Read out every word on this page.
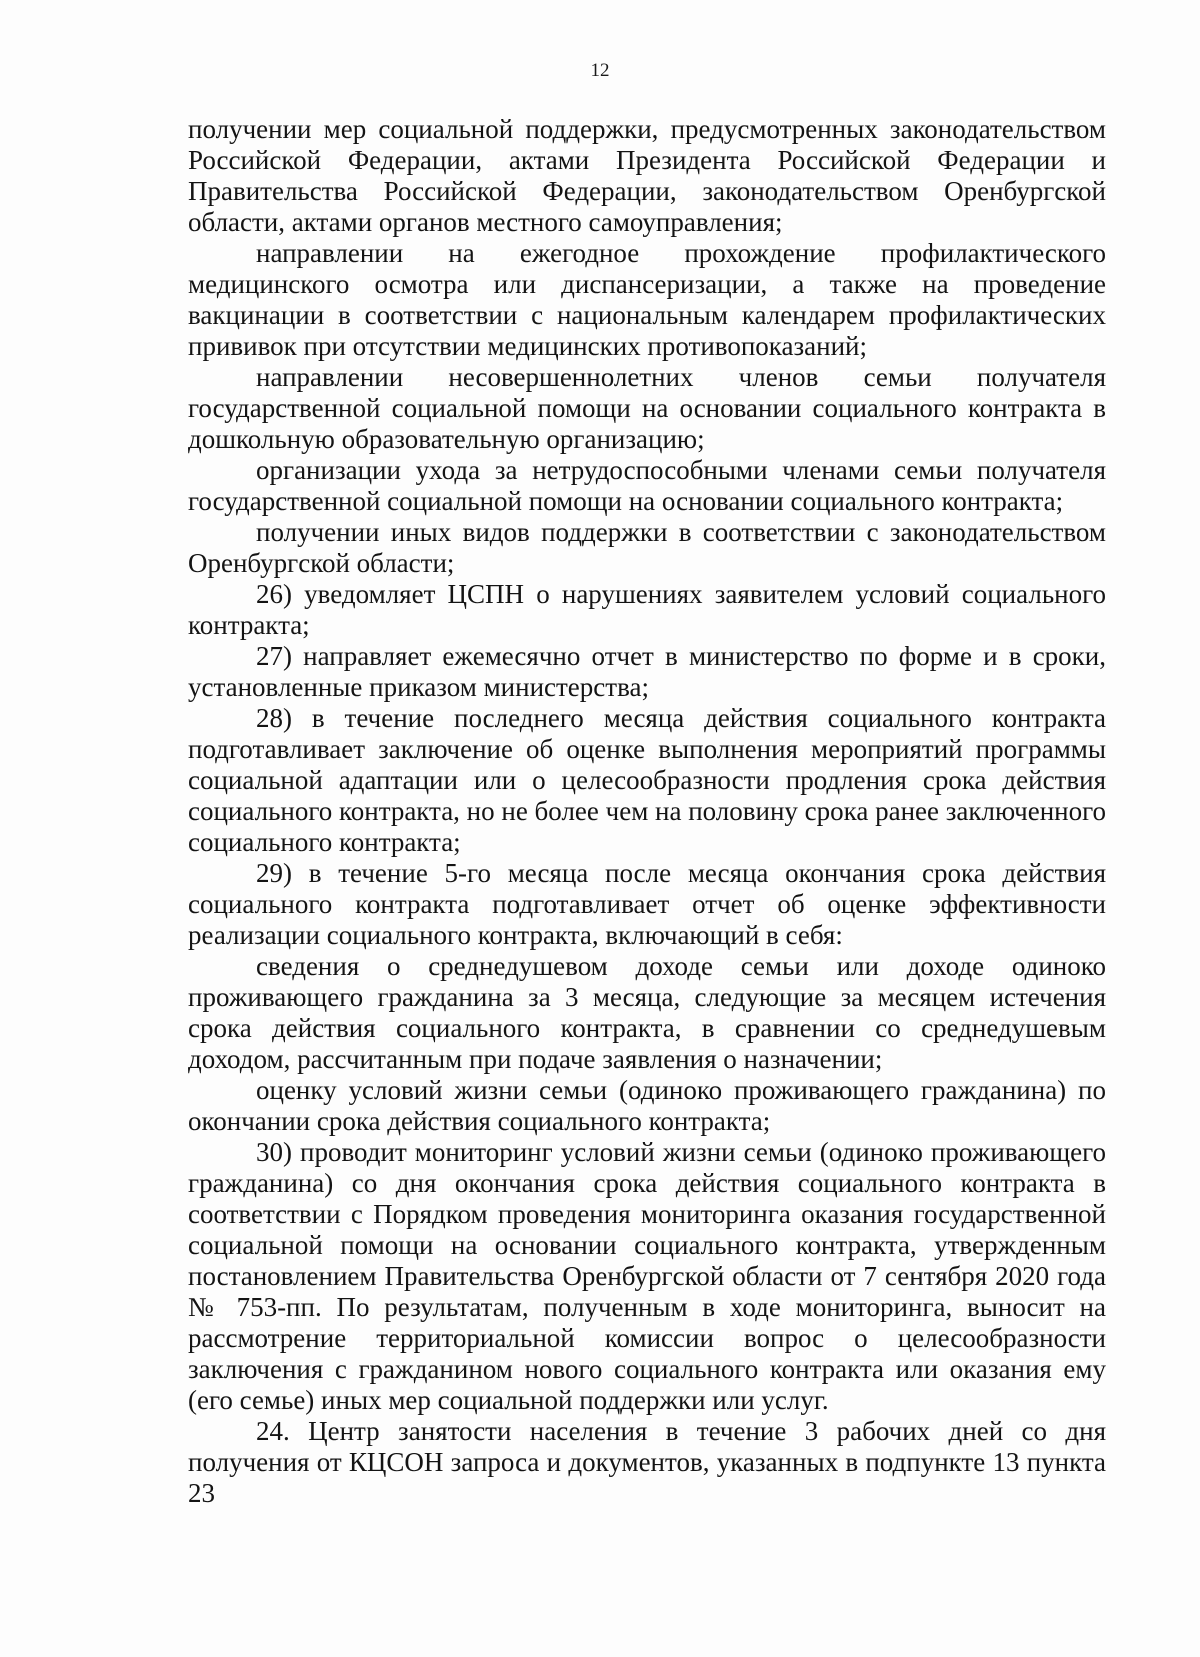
12

получении мер социальной поддержки, предусмотренных законодательством Российской Федерации, актами Президента Российской Федерации и Правительства Российской Федерации, законодательством Оренбургской области, актами органов местного самоуправления;

направлении на ежегодное прохождение профилактического медицинского осмотра или диспансеризации, а также на проведение вакцинации в соответствии с национальным календарем профилактических прививок при отсутствии медицинских противопоказаний;

направлении несовершеннолетних членов семьи получателя государственной социальной помощи на основании социального контракта в дошкольную образовательную организацию;

организации ухода за нетрудоспособными членами семьи получателя государственной социальной помощи на основании социального контракта;

получении иных видов поддержки в соответствии с законодательством Оренбургской области;

26) уведомляет ЦСПН о нарушениях заявителем условий социального контракта;

27) направляет ежемесячно отчет в министерство по форме и в сроки, установленные приказом министерства;

28) в течение последнего месяца действия социального контракта подготавливает заключение об оценке выполнения мероприятий программы социальной адаптации или о целесообразности продления срока действия социального контракта, но не более чем на половину срока ранее заключенного социального контракта;

29) в течение 5-го месяца после месяца окончания срока действия социального контракта подготавливает отчет об оценке эффективности реализации социального контракта, включающий в себя:

сведения о среднедушевом доходе семьи или доходе одиноко проживающего гражданина за 3 месяца, следующие за месяцем истечения срока действия социального контракта, в сравнении со среднедушевым доходом, рассчитанным при подаче заявления о назначении;

оценку условий жизни семьи (одиноко проживающего гражданина) по окончании срока действия социального контракта;

30) проводит мониторинг условий жизни семьи (одиноко проживающего гражданина) со дня окончания срока действия социального контракта в соответствии с Порядком проведения мониторинга оказания государственной социальной помощи на основании социального контракта, утвержденным постановлением Правительства Оренбургской области от 7 сентября 2020 года № 753-пп. По результатам, полученным в ходе мониторинга, выносит на рассмотрение территориальной комиссии вопрос о целесообразности заключения с гражданином нового социального контракта или оказания ему (его семье) иных мер социальной поддержки или услуг.

24. Центр занятости населения в течение 3 рабочих дней со дня получения от КЦСОН запроса и документов, указанных в подпункте 13 пункта 23
